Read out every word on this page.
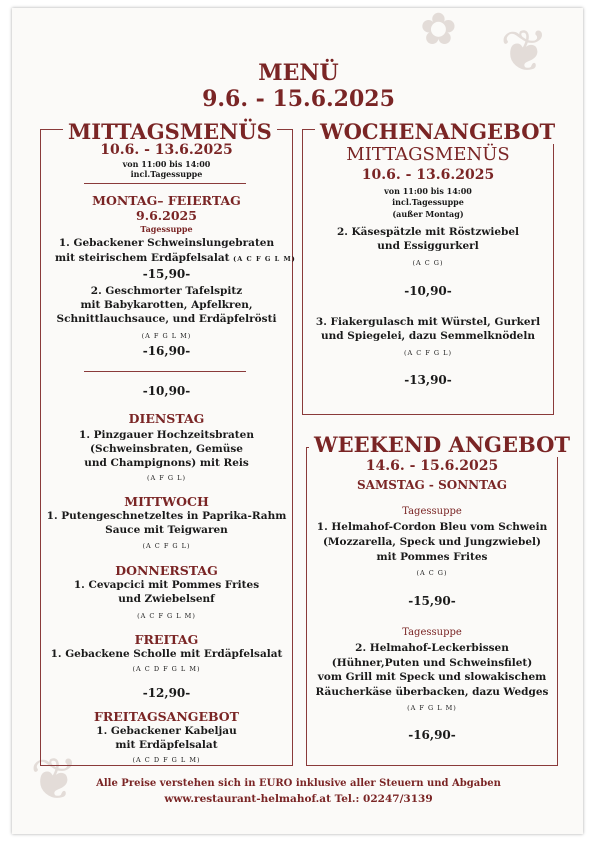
❦
✿
❦
MENÜ
9.6. - 15.6.2025
MITTAGSMENÜS
10.6. - 13.6.2025
von 11:00 bis 14:00
incl.Tagessuppe
MONTAG– FEIERTAG
9.6.2025
Tagessuppe
1. Gebackener Schweinslungebraten
mit steirischem Erdäpfelsalat (A C F G L M)
-15,90-
2. Geschmorter Tafelspitz
mit Babykarotten, Apfelkren,
Schnittlauchsauce, und Erdäpfelrösti
(A F G L M)
-16,90-
-10,90-
DIENSTAG
1. Pinzgauer Hochzeitsbraten
(Schweinsbraten, Gemüse
und Champignons) mit Reis
(A F G L)
MITTWOCH
1. Putengeschnetzeltes in Paprika-Rahm
Sauce mit Teigwaren
(A C F G L)
DONNERSTAG
1. Cevapcici mit Pommes Frites
und Zwiebelsenf
(A C F G L M)
FREITAG
1. Gebackene Scholle mit Erdäpfelsalat
(A C D F G L M)
-12,90-
FREITAGSANGEBOT
1. Gebackener Kabeljau
mit Erdäpfelsalat
(A C D F G L M)
WOCHENANGEBOT
MITTAGSMENÜS
10.6. - 13.6.2025
von 11:00 bis 14:00
incl.Tagessuppe
(außer Montag)
2. Käsespätzle mit Röstzwiebel
und Essiggurkerl
(A C G)
-10,90-
3. Fiakergulasch mit Würstel, Gurkerl
und Spiegelei, dazu Semmelknödeln
(A C F G L)
-13,90-
WEEKEND ANGEBOT
14.6. - 15.6.2025
SAMSTAG - SONNTAG
Tagessuppe
1. Helmahof-Cordon Bleu vom Schwein
(Mozzarella, Speck und Jungzwiebel)
mit Pommes Frites
(A C G)
-15,90-
Tagessuppe
2. Helmahof-Leckerbissen
(Hühner,Puten und Schweinsfilet)
vom Grill mit Speck und slowakischem
Räucherkäse überbacken, dazu Wedges
(A F G L M)
-16,90-
Alle Preise verstehen sich in EURO inklusive aller Steuern und Abgaben
www.restaurant-helmahof.at Tel.: 02247/3139
